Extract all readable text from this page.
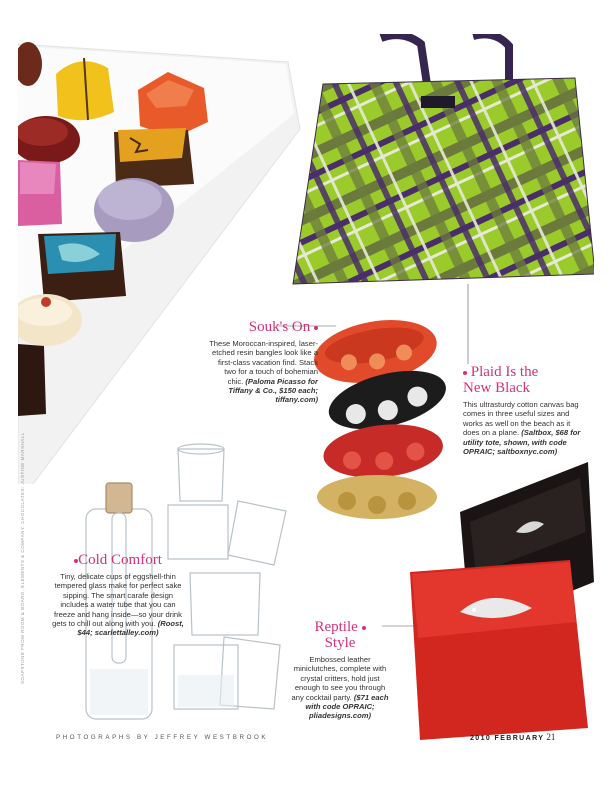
Souk's On

These Moroccan-inspired, laser-etched resin bangles look like a first-class vacation find. Stack two for a touch of bohemian chic. (Paloma Picasso for Tiffany & Co., $150 each; tiffany.com)

Plaid Is the
New Black

This ultrasturdy cotton canvas bag comes in three useful sizes and works as well on the beach as it does on a plane. (Saltbox, $68 for utility tote, shown, with code OPRAIC; saltboxnyc.com)

Cold Comfort

Tiny, delicate cups of eggshell-thin tempered glass make for perfect sake sipping. The smart carafe design includes a water tube that you can freeze and hang inside—so your drink gets to chill out along with you. (Roost, $44; scarlettalley.com)	Reptile
Style

Embossed leather miniclutches, complete with crystal critters, hold just enough to see you through any cocktail party. ($71 each with code OPRAIC; pliadesigns.com)

SOAPSTONE FROM ROOM & BOARD, ELEMENTS & COMPANY. CHOCOLATES: JUSTINE MARSHALL
PHOTOGRAPHS BY JEFFREY WESTBROOK	2010 FEBRUARY 21
